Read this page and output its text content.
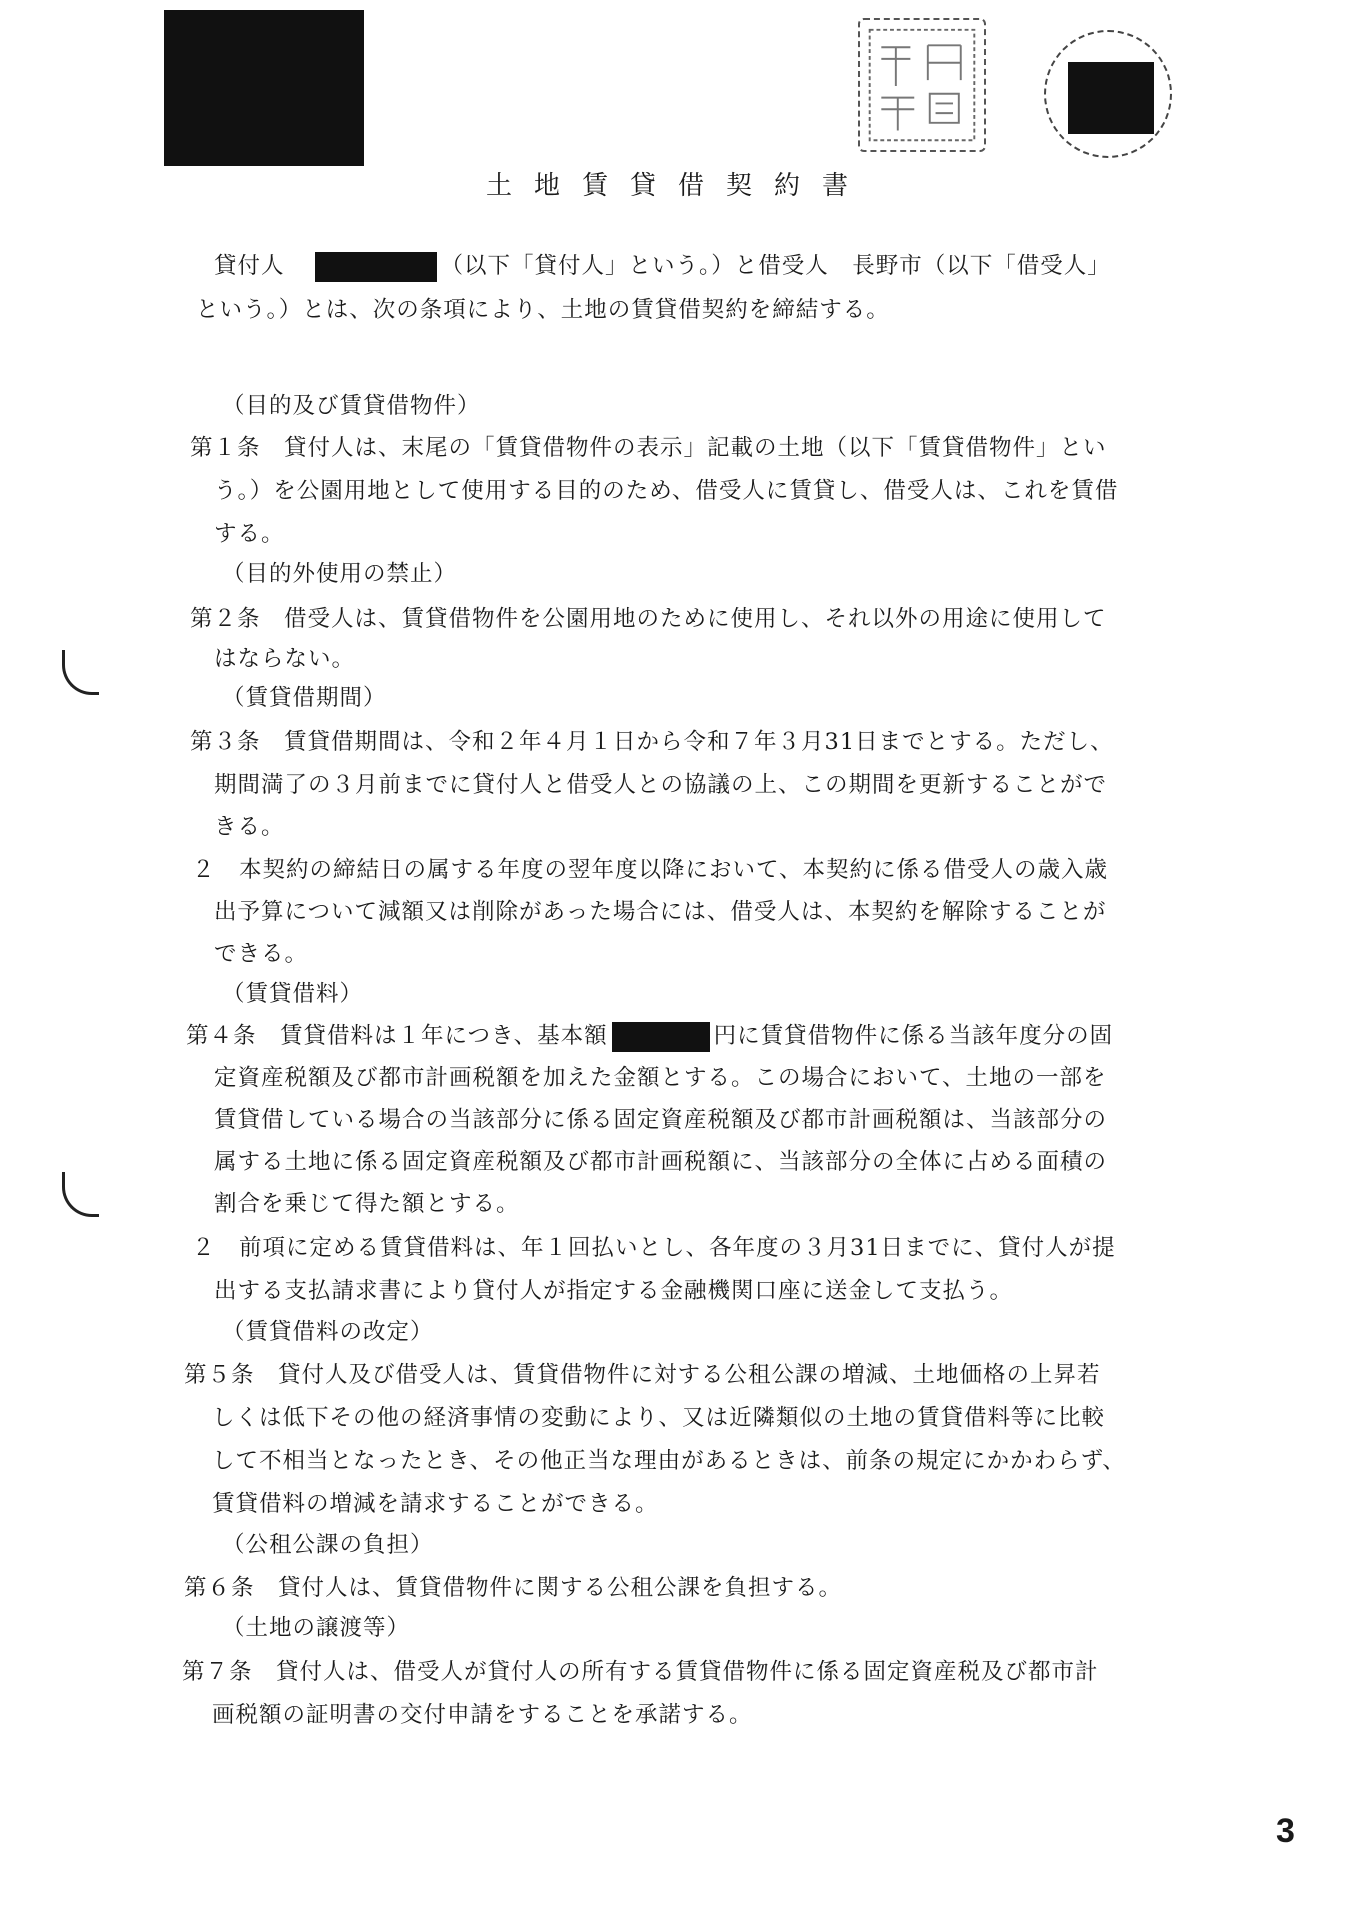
土地賃貸借契約書
貸付人	（以下「貸付人」という。）と借受人　長野市（以下「借受人」
という。）とは、次の条項により、土地の賃貸借契約を締結する。
（目的及び賃貸借物件）
第１条　貸付人は、末尾の「賃貸借物件の表示」記載の土地（以下「賃貸借物件」とい
う。）を公園用地として使用する目的のため、借受人に賃貸し、借受人は、これを賃借
する。
（目的外使用の禁止）
第２条　借受人は、賃貸借物件を公園用地のために使用し、それ以外の用途に使用して
はならない。
（賃貸借期間）
第３条　賃貸借期間は、令和２年４月１日から令和７年３月31日までとする。ただし、
期間満了の３月前までに貸付人と借受人との協議の上、この期間を更新することがで
きる。
２　本契約の締結日の属する年度の翌年度以降において、本契約に係る借受人の歳入歳
出予算について減額又は削除があった場合には、借受人は、本契約を解除することが
できる。
（賃貸借料）
第４条　賃貸借料は１年につき、基本額	円に賃貸借物件に係る当該年度分の固
定資産税額及び都市計画税額を加えた金額とする。この場合において、土地の一部を
賃貸借している場合の当該部分に係る固定資産税額及び都市計画税額は、当該部分の
属する土地に係る固定資産税額及び都市計画税額に、当該部分の全体に占める面積の
割合を乗じて得た額とする。
２　前項に定める賃貸借料は、年１回払いとし、各年度の３月31日までに、貸付人が提
出する支払請求書により貸付人が指定する金融機関口座に送金して支払う。
（賃貸借料の改定）
第５条　貸付人及び借受人は、賃貸借物件に対する公租公課の増減、土地価格の上昇若
しくは低下その他の経済事情の変動により、又は近隣類似の土地の賃貸借料等に比較
して不相当となったとき、その他正当な理由があるときは、前条の規定にかかわらず、
賃貸借料の増減を請求することができる。
（公租公課の負担）
第６条　貸付人は、賃貸借物件に関する公租公課を負担する。
（土地の譲渡等）
第７条　貸付人は、借受人が貸付人の所有する賃貸借物件に係る固定資産税及び都市計
画税額の証明書の交付申請をすることを承諾する。
3
